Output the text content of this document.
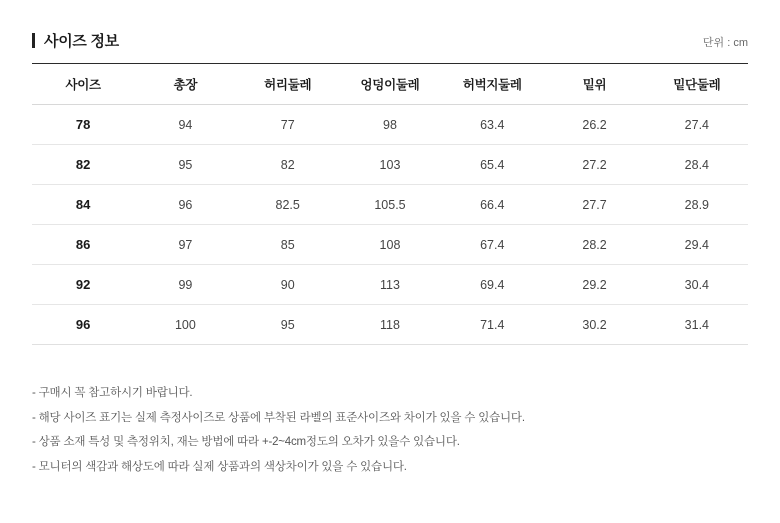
사이즈 정보	단위 : cm
사이즈	총장	허리둘레	엉덩이둘레	허벅지둘레	밑위	밑단둘레
78	94	77	98	63.4	26.2	27.4
82	95	82	103	65.4	27.2	28.4
84	96	82.5	105.5	66.4	27.7	28.9
86	97	85	108	67.4	28.2	29.4
92	99	90	113	69.4	29.2	30.4
96	100	95	118	71.4	30.2	31.4
- 구매시 꼭 참고하시기 바랍니다.
- 해당 사이즈 표기는 실제 측정사이즈로 상품에 부착된 라벨의 표준사이즈와 차이가 있을 수 있습니다.
- 상품 소재 특성 및 측정위치, 재는 방법에 따라 +-2~4cm정도의 오차가 있을수 있습니다.
- 모니터의 색감과 해상도에 따라 실제 상품과의 색상차이가 있을 수 있습니다.
